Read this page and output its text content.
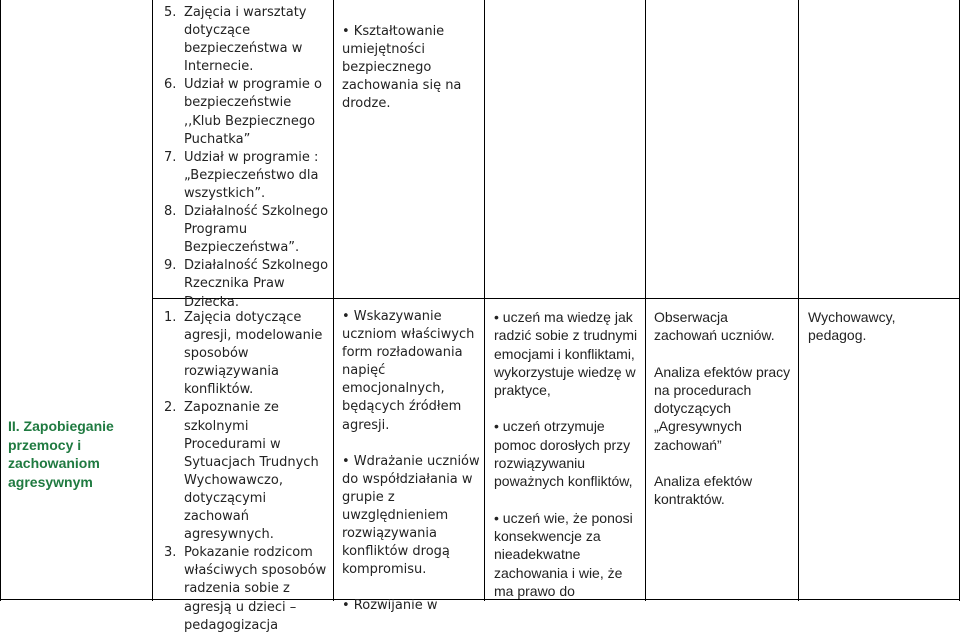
II. Zapobieganie przemocy i zachowaniom agresywnym
5. Zajęcia i warsztaty dotyczące bezpieczeństwa w Internecie.
6. Udział w programie o bezpieczeństwie ,,Klub Bezpiecznego Puchatka”
7. Udział w programie : „Bezpieczeństwo dla wszystkich”.
8. Działalność Szkolnego Programu Bezpieczeństwa”.
9. Działalność Szkolnego Rzecznika Praw Dziecka.
1. Zajęcia dotyczące agresji, modelowanie sposobów rozwiązywania konfliktów.
2. Zapoznanie ze szkolnymi Procedurami w Sytuacjach Trudnych Wychowawczo, dotyczącymi zachowań agresywnych.
3. Pokazanie rodzicom właściwych sposobów radzenia sobie z agresją u dzieci – pedagogizacja
• Kształtowanie umiejętności bezpiecznego zachowania się na drodze.
• Wskazywanie uczniom właściwych form rozładowania napięć emocjonalnych, będących źródłem agresji.
• Wdrażanie uczniów do współdziałania w grupie z uwzględnieniem rozwiązywania konfliktów drogą kompromisu.
• Rozwijanie w
• uczeń ma wiedzę jak radzić sobie z trudnymi emocjami i konfliktami, wykorzystuje wiedzę w praktyce,
• uczeń otrzymuje pomoc dorosłych przy rozwiązywaniu poważnych konfliktów,
• uczeń wie, że ponosi konsekwencje za nieadekwatne zachowania i wie, że ma prawo do
Obserwacja zachowań uczniów.
Analiza efektów pracy na procedurach dotyczących „Agresywnych zachowań”
Analiza efektów kontraktów.
Wychowawcy, pedagog.
